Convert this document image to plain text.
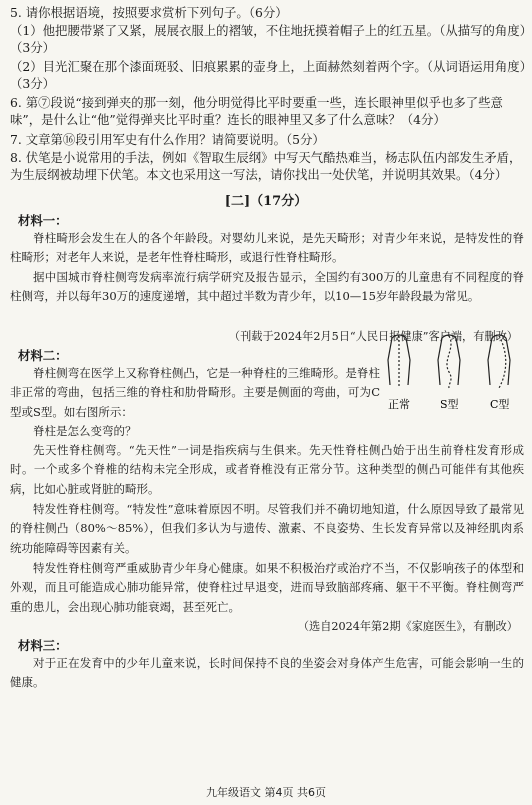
5. 请你根据语境，按照要求赏析下列句子。（6分）

（1）他把腰带紧了又紧，展展衣服上的褶皱，不住地抚摸着帽子上的红五星。（从描写的角度）（3分）

（2）目光汇聚在那个漆面斑驳、旧痕累累的壶身上，上面赫然刻着两个字。（从词语运用角度）（3分）

6. 第⑦段说“接到弹夹的那一刻，他分明觉得比平时要重一些，连长眼神里似乎也多了些意味”，是什么让“他”觉得弹夹比平时重？连长的眼神里又多了什么意味？（4分）

7. 文章第⑯段引用军史有什么作用？请简要说明。（5分）

8. 伏笔是小说常用的手法，例如《智取生辰纲》中写天气酷热难当，杨志队伍内部发生矛盾，为生辰纲被劫埋下伏笔。本文也采用这一写法，请你找出一处伏笔，并说明其效果。（4分）

[二]（17分）
材料一：

脊柱畸形会发生在人的各个年龄段。对婴幼儿来说，是先天畸形；对青少年来说，是特发性的脊柱畸形；对老年人来说，是老年性脊柱畸形，或退行性脊柱畸形。

据中国城市脊柱侧弯发病率流行病学研究及报告显示，全国约有300万的儿童患有不同程度的脊柱侧弯，并以每年30万的速度递增，其中超过半数为青少年，以10—15岁年龄段最为常见。

（刊载于2024年2月5日“人民日报健康”客户端，有删改）
材料二：

脊柱侧弯在医学上又称脊柱侧凸，它是一种脊柱的三维畸形。是脊柱非正常的弯曲，包括三维的脊柱和肋骨畸形。主要是侧面的弯曲，可为C型或S型。如右图所示：

脊柱是怎么变弯的？

先天性脊柱侧弯。“先天性”一词是指疾病与生俱来。先天性脊柱侧凸始于出生前脊柱发育形成时。一个或多个脊椎的结构未完全形成，或者脊椎没有正常分节。这种类型的侧凸可能伴有其他疾病，比如心脏或肾脏的畸形。

特发性脊柱侧弯。“特发性”意味着原因不明。尽管我们并不确切地知道，什么原因导致了最常见的脊柱侧凸（80%～85%），但我们多认为与遗传、激素、不良姿势、生长发育异常以及神经肌肉系统功能障碍等因素有关。

特发性脊柱侧弯严重威胁青少年身心健康。如果不积极治疗或治疗不当，不仅影响孩子的体型和外观，而且可能造成心肺功能异常，使脊柱过早退变，进而导致脑部疼痛、躯干不平衡。脊柱侧弯严重的患儿，会出现心肺功能衰竭，甚至死亡。

（选自2024年第2期《家庭医生》，有删改）
正常	S型	C型
材料三：

对于正在发育中的少年儿童来说，长时间保持不良的坐姿会对身体产生危害，可能会影响一生的健康。

九年级语文 第4页 共6页
